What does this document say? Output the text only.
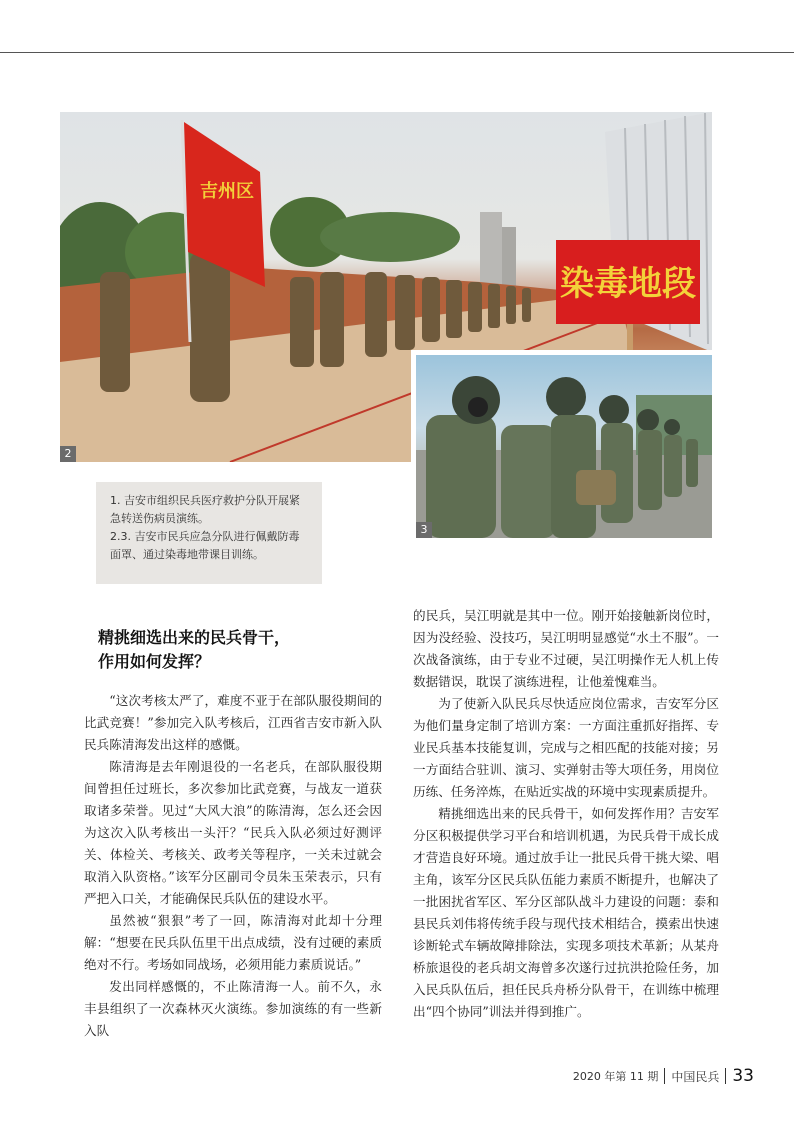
吉州区
染毒地段
2
3

1. 吉安市组织民兵医疗救护分队开展紧急转送伤病员演练。

2.3. 吉安市民兵应急分队进行佩戴防毒面罩、通过染毒地带课目训练。

精挑细选出来的民兵骨干，
作用如何发挥？

“这次考核太严了，难度不亚于在部队服役期间的比武竞赛！”参加完入队考核后，江西省吉安市新入队民兵陈清海发出这样的感慨。

陈清海是去年刚退役的一名老兵，在部队服役期间曾担任过班长，多次参加比武竞赛，与战友一道获取诸多荣誉。见过“大风大浪”的陈清海，怎么还会因为这次入队考核出一头汗？“民兵入队必须过好测评关、体检关、考核关、政考关等程序，一关未过就会取消入队资格。”该军分区副司令员朱玉荣表示，只有严把入口关，才能确保民兵队伍的建设水平。

虽然被“狠狠”考了一回，陈清海对此却十分理解：“想要在民兵队伍里干出点成绩，没有过硬的素质绝对不行。考场如同战场，必须用能力素质说话。”

发出同样感慨的，不止陈清海一人。前不久，永丰县组织了一次森林灭火演练。参加演练的有一些新入队

的民兵，吴江明就是其中一位。刚开始接触新岗位时，因为没经验、没技巧，吴江明明显感觉“水土不服”。一次战备演练，由于专业不过硬，吴江明操作无人机上传数据错误，耽误了演练进程，让他羞愧难当。

为了使新入队民兵尽快适应岗位需求，吉安军分区为他们量身定制了培训方案：一方面注重抓好指挥、专业民兵基本技能复训，完成与之相匹配的技能对接；另一方面结合驻训、演习、实弹射击等大项任务，用岗位历练、任务淬炼，在贴近实战的环境中实现素质提升。

精挑细选出来的民兵骨干，如何发挥作用？吉安军分区积极提供学习平台和培训机遇，为民兵骨干成长成才营造良好环境。通过放手让一批民兵骨干挑大梁、唱主角，该军分区民兵队伍能力素质不断提升，也解决了一批困扰省军区、军分区部队战斗力建设的问题：泰和县民兵刘伟将传统手段与现代技术相结合，摸索出快速诊断轮式车辆故障排除法，实现多项技术革新；从某舟桥旅退役的老兵胡文海曾多次遂行过抗洪抢险任务，加入民兵队伍后，担任民兵舟桥分队骨干，在训练中梳理出“四个协同”训法并得到推广。

2020 年第 11 期 中国民兵 33
